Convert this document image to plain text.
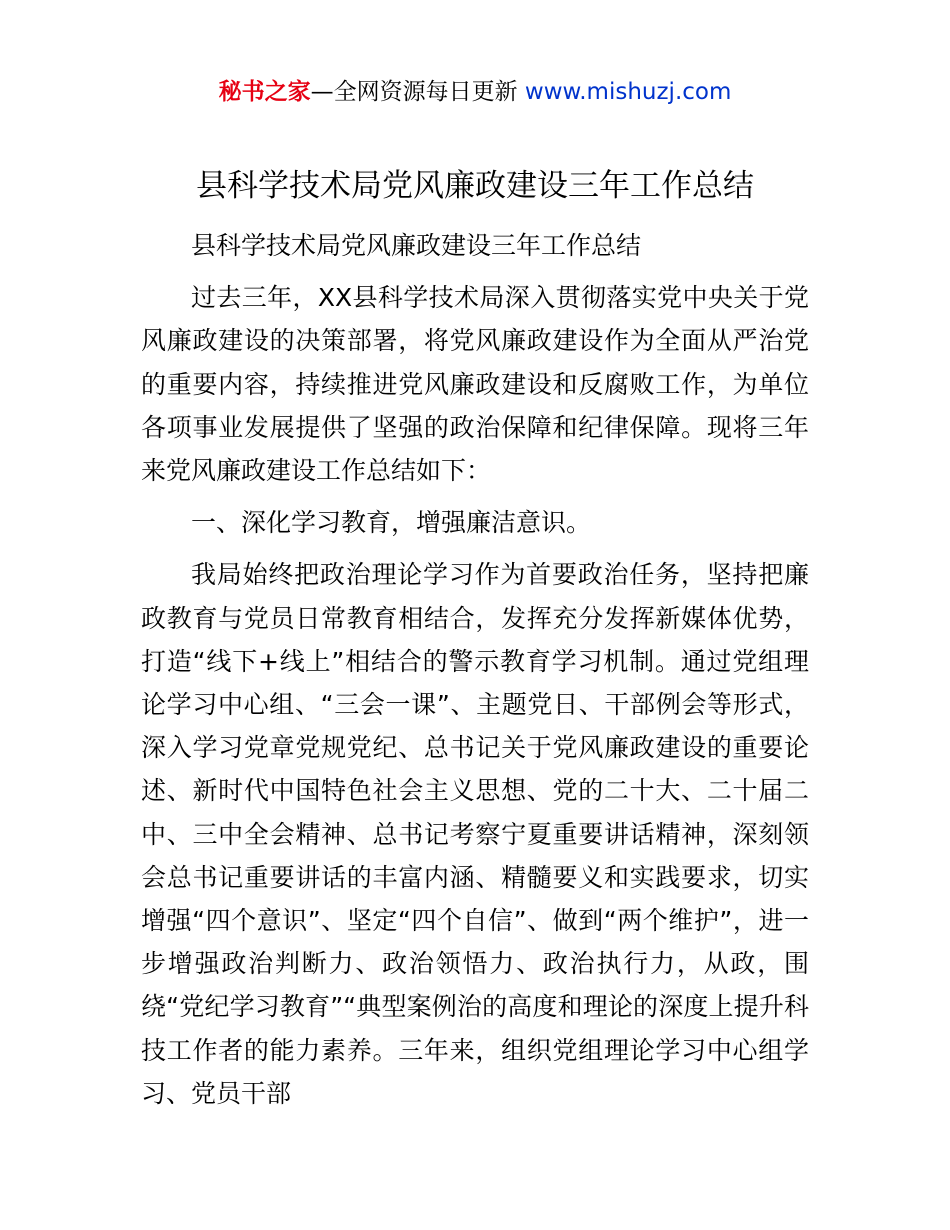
秘书之家—全网资源每日更新 www.mishuzj.com
县科学技术局党风廉政建设三年工作总结

县科学技术局党风廉政建设三年工作总结

过去三年，XX县科学技术局深入贯彻落实党中央关于党风廉政建设的决策部署，将党风廉政建设作为全面从严治党的重要内容，持续推进党风廉政建设和反腐败工作，为单位各项事业发展提供了坚强的政治保障和纪律保障。现将三年来党风廉政建设工作总结如下：

一、深化学习教育，增强廉洁意识。

我局始终把政治理论学习作为首要政治任务，坚持把廉政教育与党员日常教育相结合，发挥充分发挥新媒体优势，打造“线下+线上”相结合的警示教育学习机制。通过党组理论学习中心组、“三会一课”、主题党日、干部例会等形式，深入学习党章党规党纪、总书记关于党风廉政建设的重要论述、新时代中国特色社会主义思想、党的二十大、二十届二中、三中全会精神、总书记考察宁夏重要讲话精神，深刻领会总书记重要讲话的丰富内涵、精髓要义和实践要求，切实增强“四个意识”、坚定“四个自信”、做到“两个维护”，进一步增强政治判断力、政治领悟力、政治执行力，从政，围绕“党纪学习教育”“典型案例治的高度和理论的深度上提升科技工作者的能力素养。三年来，组织党组理论学习中心组学习、党员干部
